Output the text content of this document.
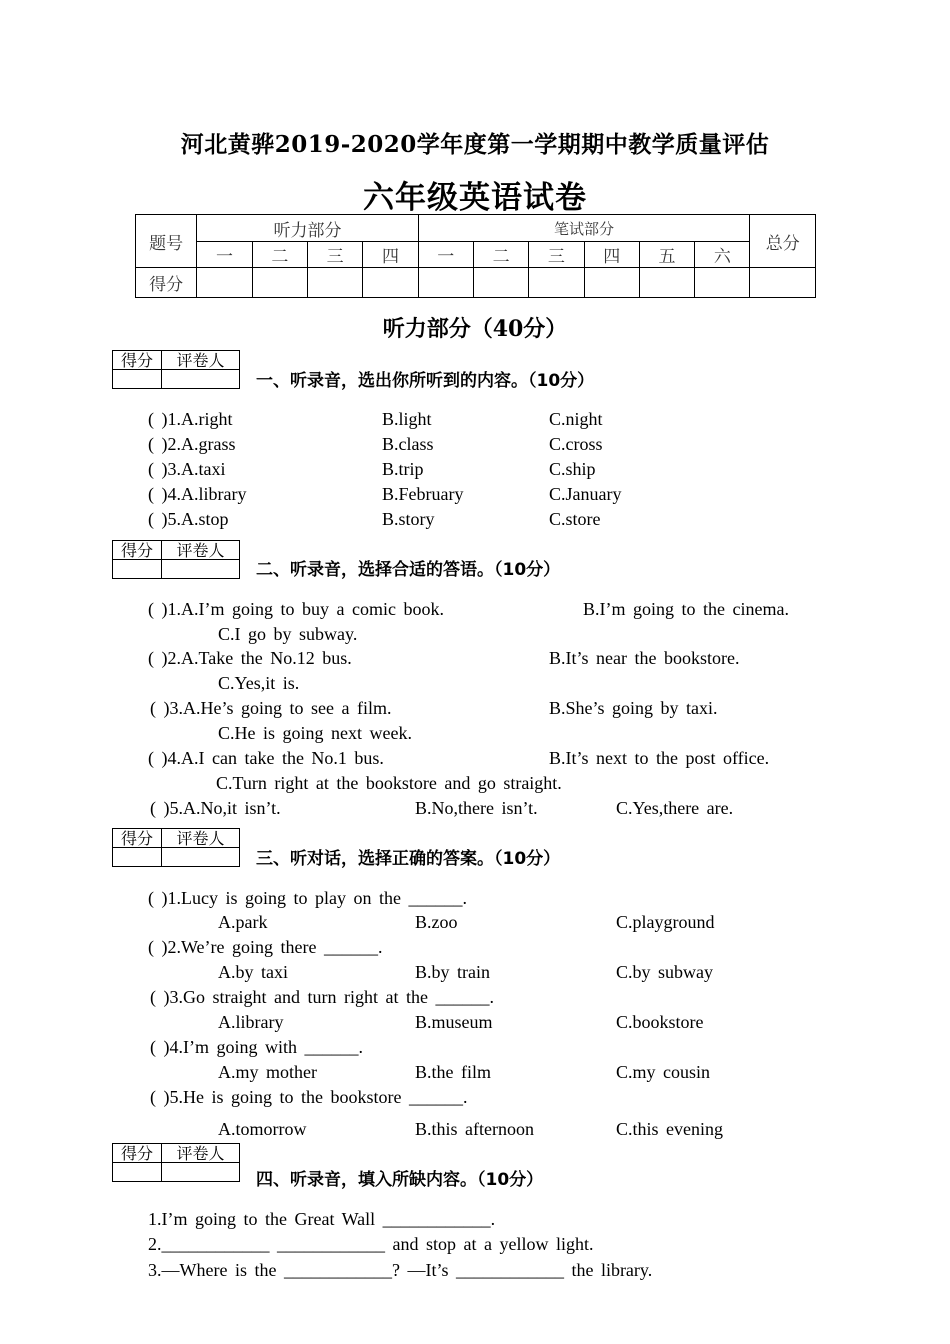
河北黄骅2019-2020学年度第一学期期中教学质量评估
六年级英语试卷
题号	听力部分				笔试部分						总分
	一	二	三	四	一	二	三	四	五	六	
得分											
听力部分（40分）
得分	评卷人

一、听录音，选出你所听到的内容。（10分）
( )1.A.right	B.light	C.night
( )2.A.grass	B.class	C.cross
( )3.A.taxi	B.trip	C.ship
( )4.A.library	B.February	C.January
( )5.A.stop	B.story	C.store
得分	评卷人

二、听录音，选择合适的答语。（10分）
( )1.A.I’m going to buy a comic book.	B.I’m going to the cinema.
C.I go by subway.
( )2.A.Take the No.12 bus.	B.It’s near the bookstore.
C.Yes,it is.
( )3.A.He’s going to see a film.	B.She’s going by taxi.
C.He is going next week.
( )4.A.I can take the No.1 bus.	B.It’s next to the post office.
C.Turn right at the bookstore and go straight.
( )5.A.No,it isn’t.	B.No,there isn’t.	C.Yes,there are.
得分	评卷人

三、听对话，选择正确的答案。（10分）
( )1.Lucy is going to play on the ______.
A.park	B.zoo	C.playground
( )2.We’re going there ______.
A.by taxi	B.by train	C.by subway
( )3.Go straight and turn right at the ______.
A.library	B.museum	C.bookstore
( )4.I’m going with ______.
A.my mother	B.the film	C.my cousin
( )5.He is going to the bookstore ______.
A.tomorrow	B.this afternoon	C.this evening
得分	评卷人

四、听录音，填入所缺内容。（10分）
1.I’m going to the Great Wall ____________.
2.____________ ____________ and stop at a yellow light.
3.—Where is the ____________? —It’s ____________ the library.
